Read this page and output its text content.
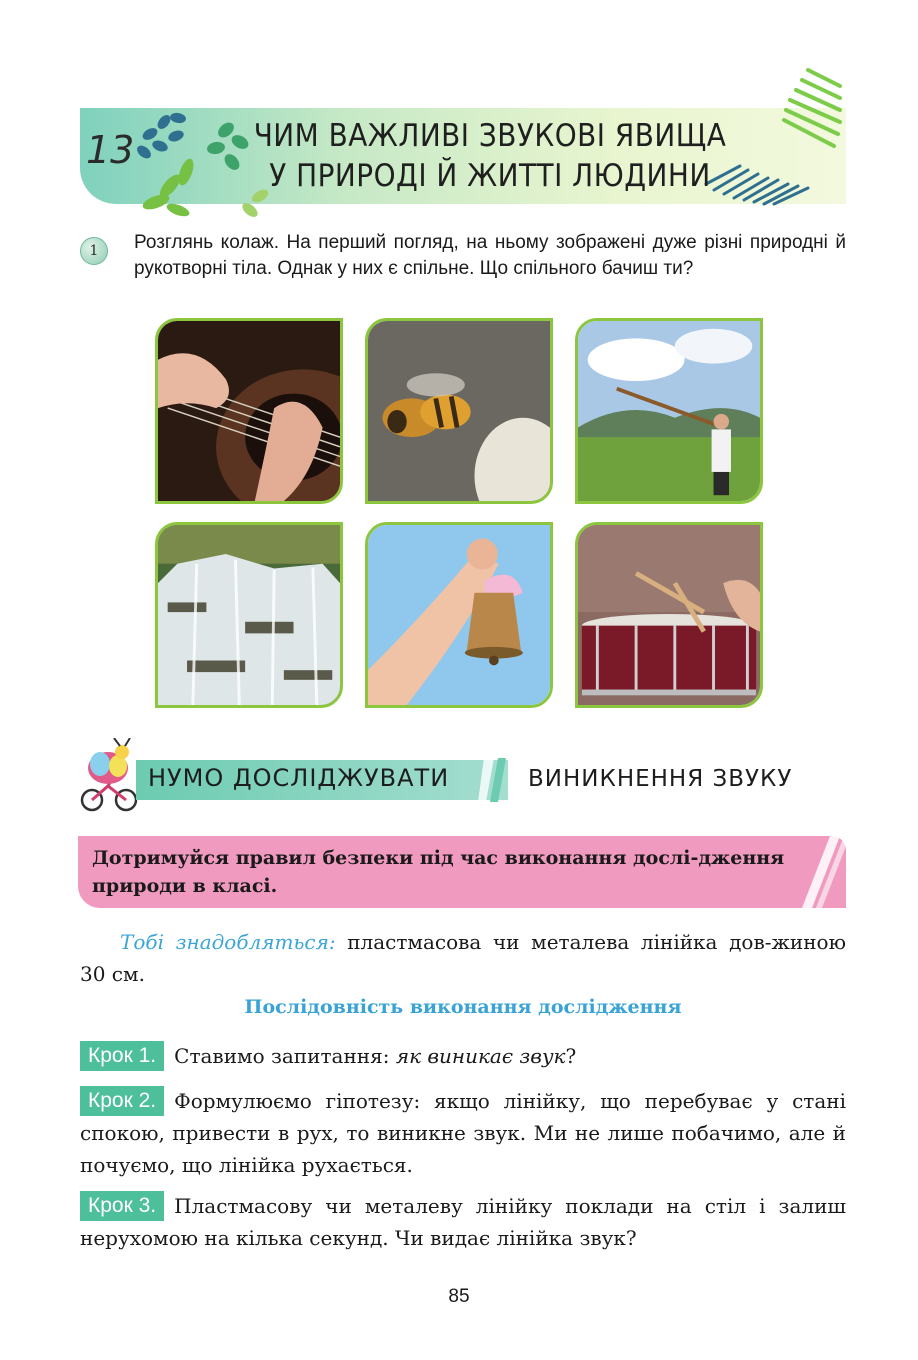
13	ЧИМ ВАЖЛИВІ ЗВУКОВІ ЯВИЩА
У ПРИРОДІ Й ЖИТТІ ЛЮДИНИ
1	Розглянь колаж. На перший погляд, на ньому зображені дуже різні природні й рукотворні тіла. Однак у них є спільне. Що спільного бачиш ти?
НУМО ДОСЛІДЖУВАТИ	ВИНИКНЕННЯ ЗВУКУ
Дотримуйся правил безпеки під час виконання дослі-дження природи в класі.
Тобі знадобляться: пластмасова чи металева лінійка дов-жиною 30 см.
Послідовність виконання дослідження
Крок 1. Ставимо запитання: як виникає звук?
Крок 2. Формулюємо гіпотезу: якщо лінійку, що перебуває у стані спокою, привести в рух, то виникне звук. Ми не лише побачимо, але й почуємо, що лінійка рухається.
Крок 3. Пластмасову чи металеву лінійку поклади на стіл і залиш нерухомою на кілька секунд. Чи видає лінійка звук?
85
